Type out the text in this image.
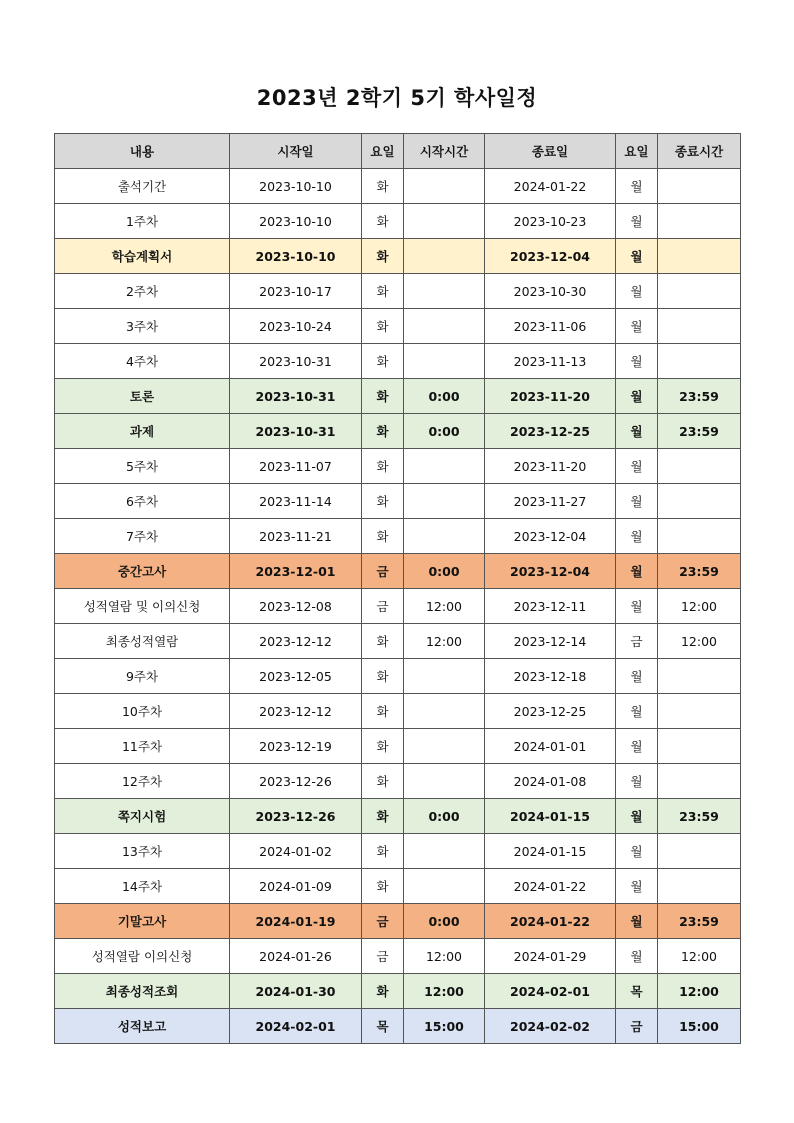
2023년 2학기 5기 학사일정
내용	시작일	요일	시작시간	종료일	요일	종료시간
출석기간	2023-10-10	화		2024-01-22	월	
1주차	2023-10-10	화		2023-10-23	월	
학습계획서	2023-10-10	화		2023-12-04	월	
2주차	2023-10-17	화		2023-10-30	월	
3주차	2023-10-24	화		2023-11-06	월	
4주차	2023-10-31	화		2023-11-13	월	
토론	2023-10-31	화	0:00	2023-11-20	월	23:59
과제	2023-10-31	화	0:00	2023-12-25	월	23:59
5주차	2023-11-07	화		2023-11-20	월	
6주차	2023-11-14	화		2023-11-27	월	
7주차	2023-11-21	화		2023-12-04	월	
중간고사	2023-12-01	금	0:00	2023-12-04	월	23:59
성적열람 및 이의신청	2023-12-08	금	12:00	2023-12-11	월	12:00
최종성적열람	2023-12-12	화	12:00	2023-12-14	금	12:00
9주차	2023-12-05	화		2023-12-18	월	
10주차	2023-12-12	화		2023-12-25	월	
11주차	2023-12-19	화		2024-01-01	월	
12주차	2023-12-26	화		2024-01-08	월	
쪽지시험	2023-12-26	화	0:00	2024-01-15	월	23:59
13주차	2024-01-02	화		2024-01-15	월	
14주차	2024-01-09	화		2024-01-22	월	
기말고사	2024-01-19	금	0:00	2024-01-22	월	23:59
성적열람 이의신청	2024-01-26	금	12:00	2024-01-29	월	12:00
최종성적조회	2024-01-30	화	12:00	2024-02-01	목	12:00
성적보고	2024-02-01	목	15:00	2024-02-02	금	15:00
